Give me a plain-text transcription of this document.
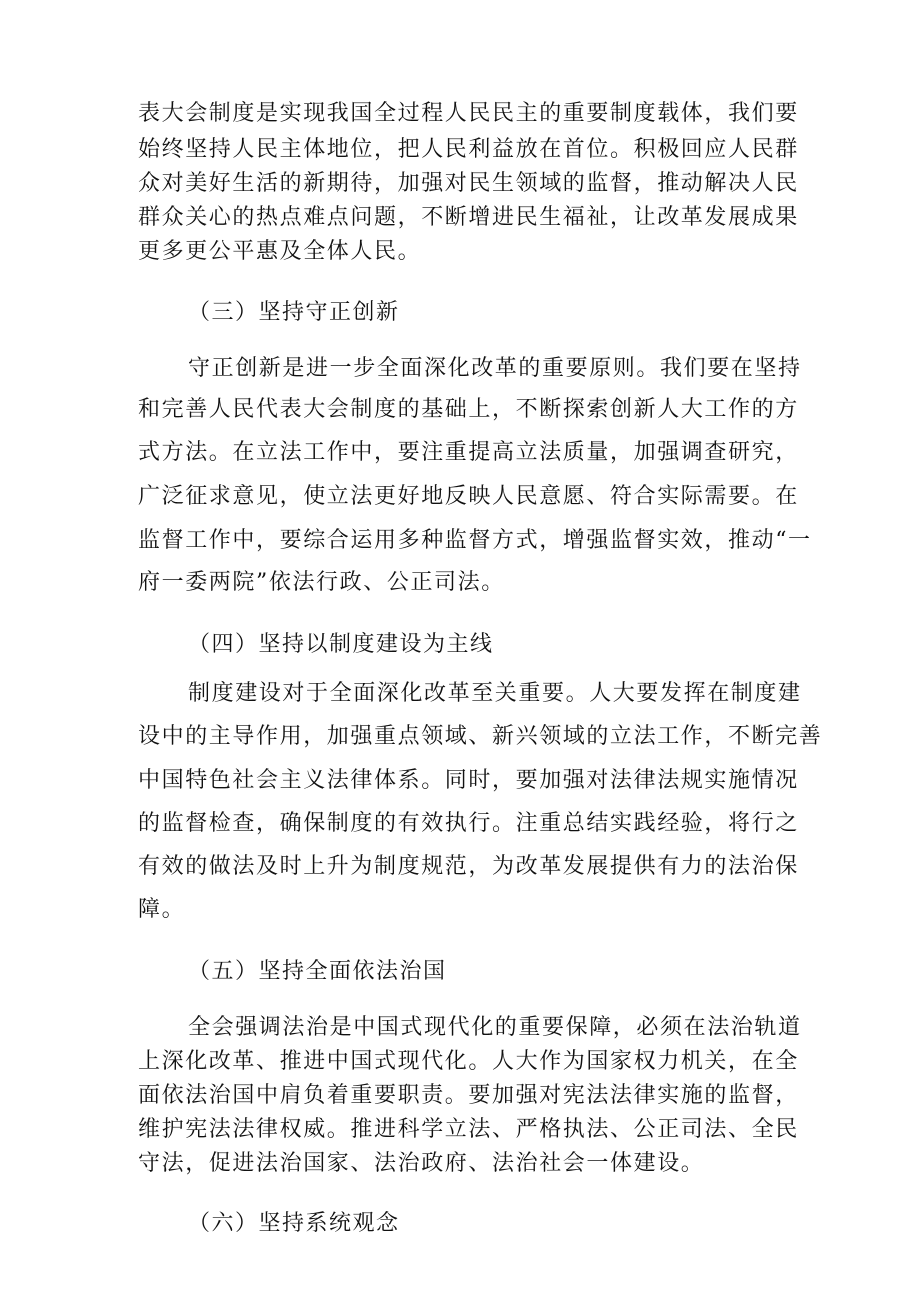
表大会制度是实现我国全过程人民民主的重要制度载体，我们要
始终坚持人民主体地位，把人民利益放在首位。积极回应人民群
众对美好生活的新期待，加强对民生领域的监督，推动解决人民
群众关心的热点难点问题，不断增进民生福祉，让改革发展成果
更多更公平惠及全体人民。
（三）坚持守正创新
守正创新是进一步全面深化改革的重要原则。我们要在坚持
和完善人民代表大会制度的基础上，不断探索创新人大工作的方
式方法。在立法工作中，要注重提高立法质量，加强调查研究，
广泛征求意见，使立法更好地反映人民意愿、符合实际需要。在
监督工作中，要综合运用多种监督方式，增强监督实效，推动“一
府一委两院”依法行政、公正司法。
（四）坚持以制度建设为主线
制度建设对于全面深化改革至关重要。人大要发挥在制度建
设中的主导作用，加强重点领域、新兴领域的立法工作，不断完善
中国特色社会主义法律体系。同时，要加强对法律法规实施情况
的监督检查，确保制度的有效执行。注重总结实践经验，将行之
有效的做法及时上升为制度规范，为改革发展提供有力的法治保
障。
（五）坚持全面依法治国
全会强调法治是中国式现代化的重要保障，必须在法治轨道
上深化改革、推进中国式现代化。人大作为国家权力机关，在全
面依法治国中肩负着重要职责。要加强对宪法法律实施的监督，
维护宪法法律权威。推进科学立法、严格执法、公正司法、全民
守法，促进法治国家、法治政府、法治社会一体建设。
（六）坚持系统观念
